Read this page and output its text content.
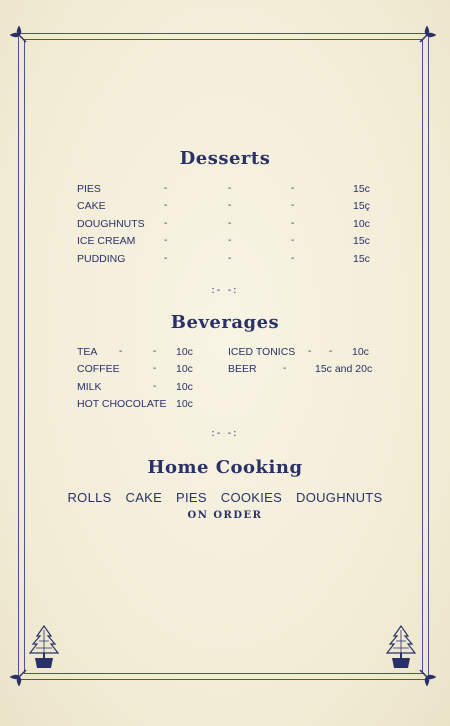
Desserts
PIES	-	-	-	15c
CAKE	-	-	-	15ç
DOUGHNUTS -	-	-	10c
ICE CREAM	-	-	-	15c
PUDDING	-	-	-	15c
:- -:
Beverages
TEA -	- 10c
COFFEE	- 10c
MILK	- 10c
HOT CHOCOLATE 10c
ICED TONICS - - 10c
BEER	-	15c and 20c
:- -:
Home Cooking
ROLLS CAKE PIES COOKIES DOUGHNUTS
ON ORDER
